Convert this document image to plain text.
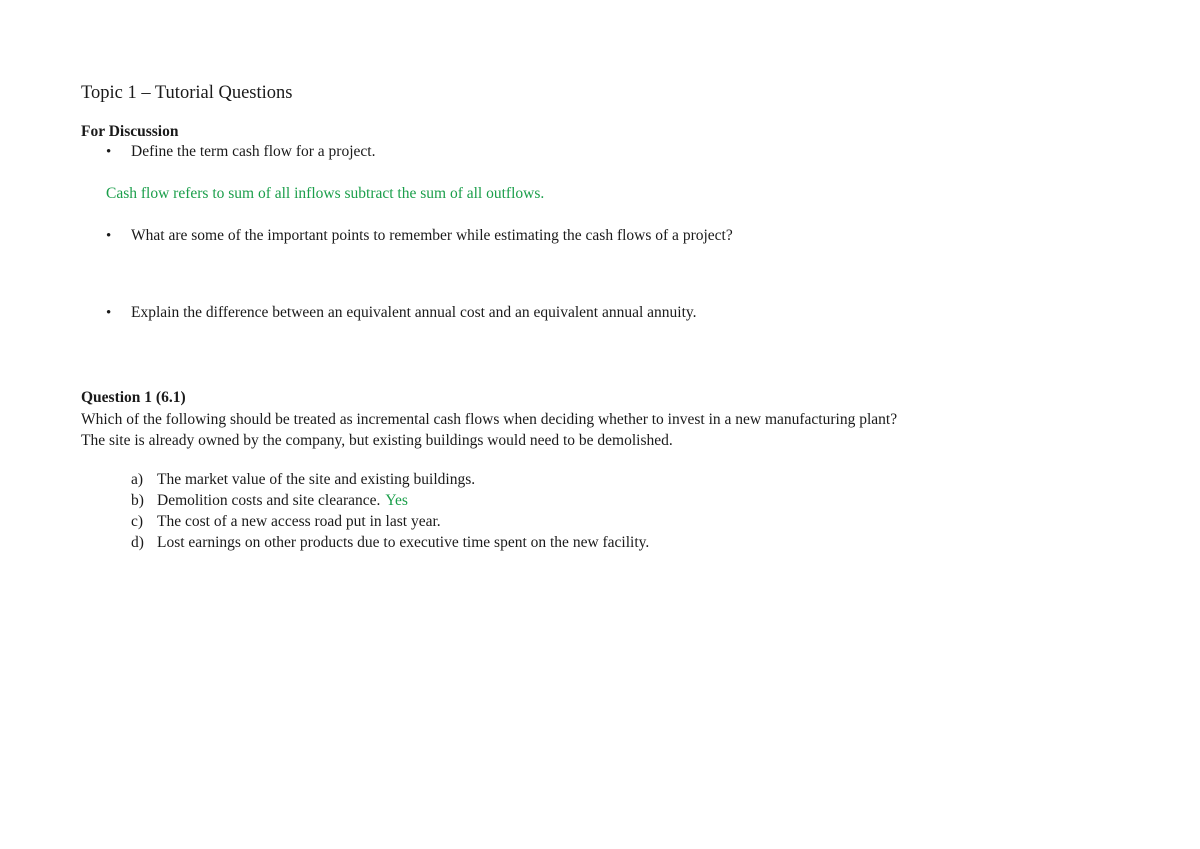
Topic 1 – Tutorial Questions
For Discussion
•	Define the term cash flow for a project.
Cash flow refers to sum of all inflows subtract the sum of all outflows.
•	What are some of the important points to remember while estimating the cash flows of a project?
•	Explain the difference between an equivalent annual cost and an equivalent annual annuity.
Question 1 (6.1)
Which of the following should be treated as incremental cash flows when deciding whether to invest in a new manufacturing plant?
The site is already owned by the company, but existing buildings would need to be demolished.
a) The market value of the site and existing buildings.
b) Demolition costs and site clearance. Yes
c) The cost of a new access road put in last year.
d) Lost earnings on other products due to executive time spent on the new facility.
